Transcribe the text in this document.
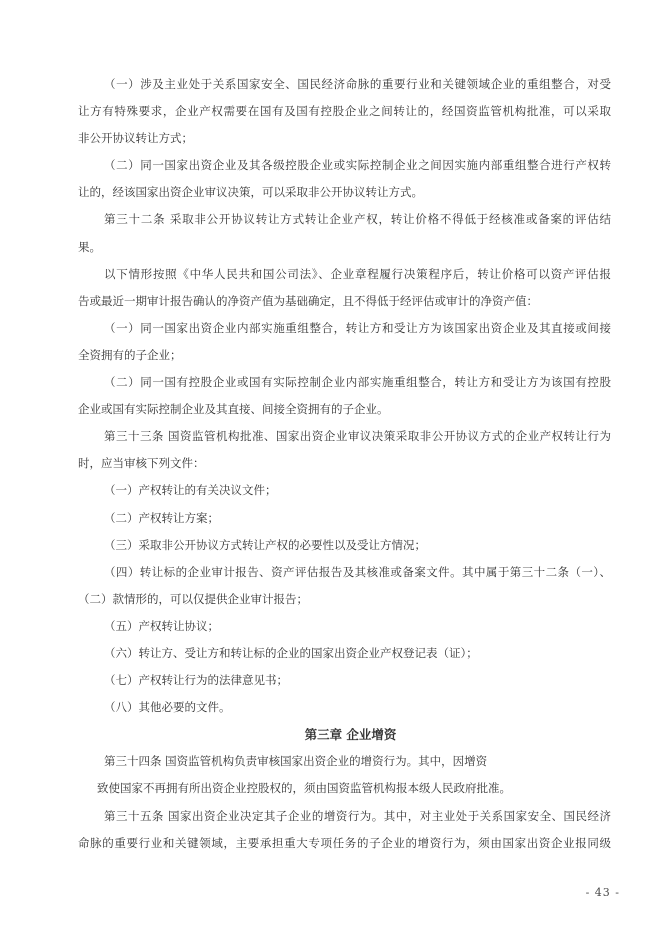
（一）涉及主业处于关系国家安全、国民经济命脉的重要行业和关键领域企业的重组整合，对受
让方有特殊要求，企业产权需要在国有及国有控股企业之间转让的，经国资监管机构批准，可以采取
非公开协议转让方式；
（二）同一国家出资企业及其各级控股企业或实际控制企业之间因实施内部重组整合进行产权转
让的，经该国家出资企业审议决策，可以采取非公开协议转让方式。
第三十二条 采取非公开协议转让方式转让企业产权，转让价格不得低于经核准或备案的评估结
果。
以下情形按照《中华人民共和国公司法》、企业章程履行决策程序后，转让价格可以资产评估报
告或最近一期审计报告确认的净资产值为基础确定，且不得低于经评估或审计的净资产值：
（一）同一国家出资企业内部实施重组整合，转让方和受让方为该国家出资企业及其直接或间接
全资拥有的子企业；
（二）同一国有控股企业或国有实际控制企业内部实施重组整合，转让方和受让方为该国有控股
企业或国有实际控制企业及其直接、间接全资拥有的子企业。
第三十三条 国资监管机构批准、国家出资企业审议决策采取非公开协议方式的企业产权转让行为
时，应当审核下列文件：
（一）产权转让的有关决议文件；
（二）产权转让方案；
（三）采取非公开协议方式转让产权的必要性以及受让方情况；
（四）转让标的企业审计报告、资产评估报告及其核准或备案文件。其中属于第三十二条（一）、
（二）款情形的，可以仅提供企业审计报告；
（五）产权转让协议；
（六）转让方、受让方和转让标的企业的国家出资企业产权登记表（证）；
（七）产权转让行为的法律意见书；
（八）其他必要的文件。
第三章 企业增资
第三十四条 国资监管机构负责审核国家出资企业的增资行为。其中，因增资
致使国家不再拥有所出资企业控股权的，须由国资监管机构报本级人民政府批准。
第三十五条 国家出资企业决定其子企业的增资行为。其中，对主业处于关系国家安全、国民经济
命脉的重要行业和关键领域，主要承担重大专项任务的子企业的增资行为，须由国家出资企业报同级
- 43 -
